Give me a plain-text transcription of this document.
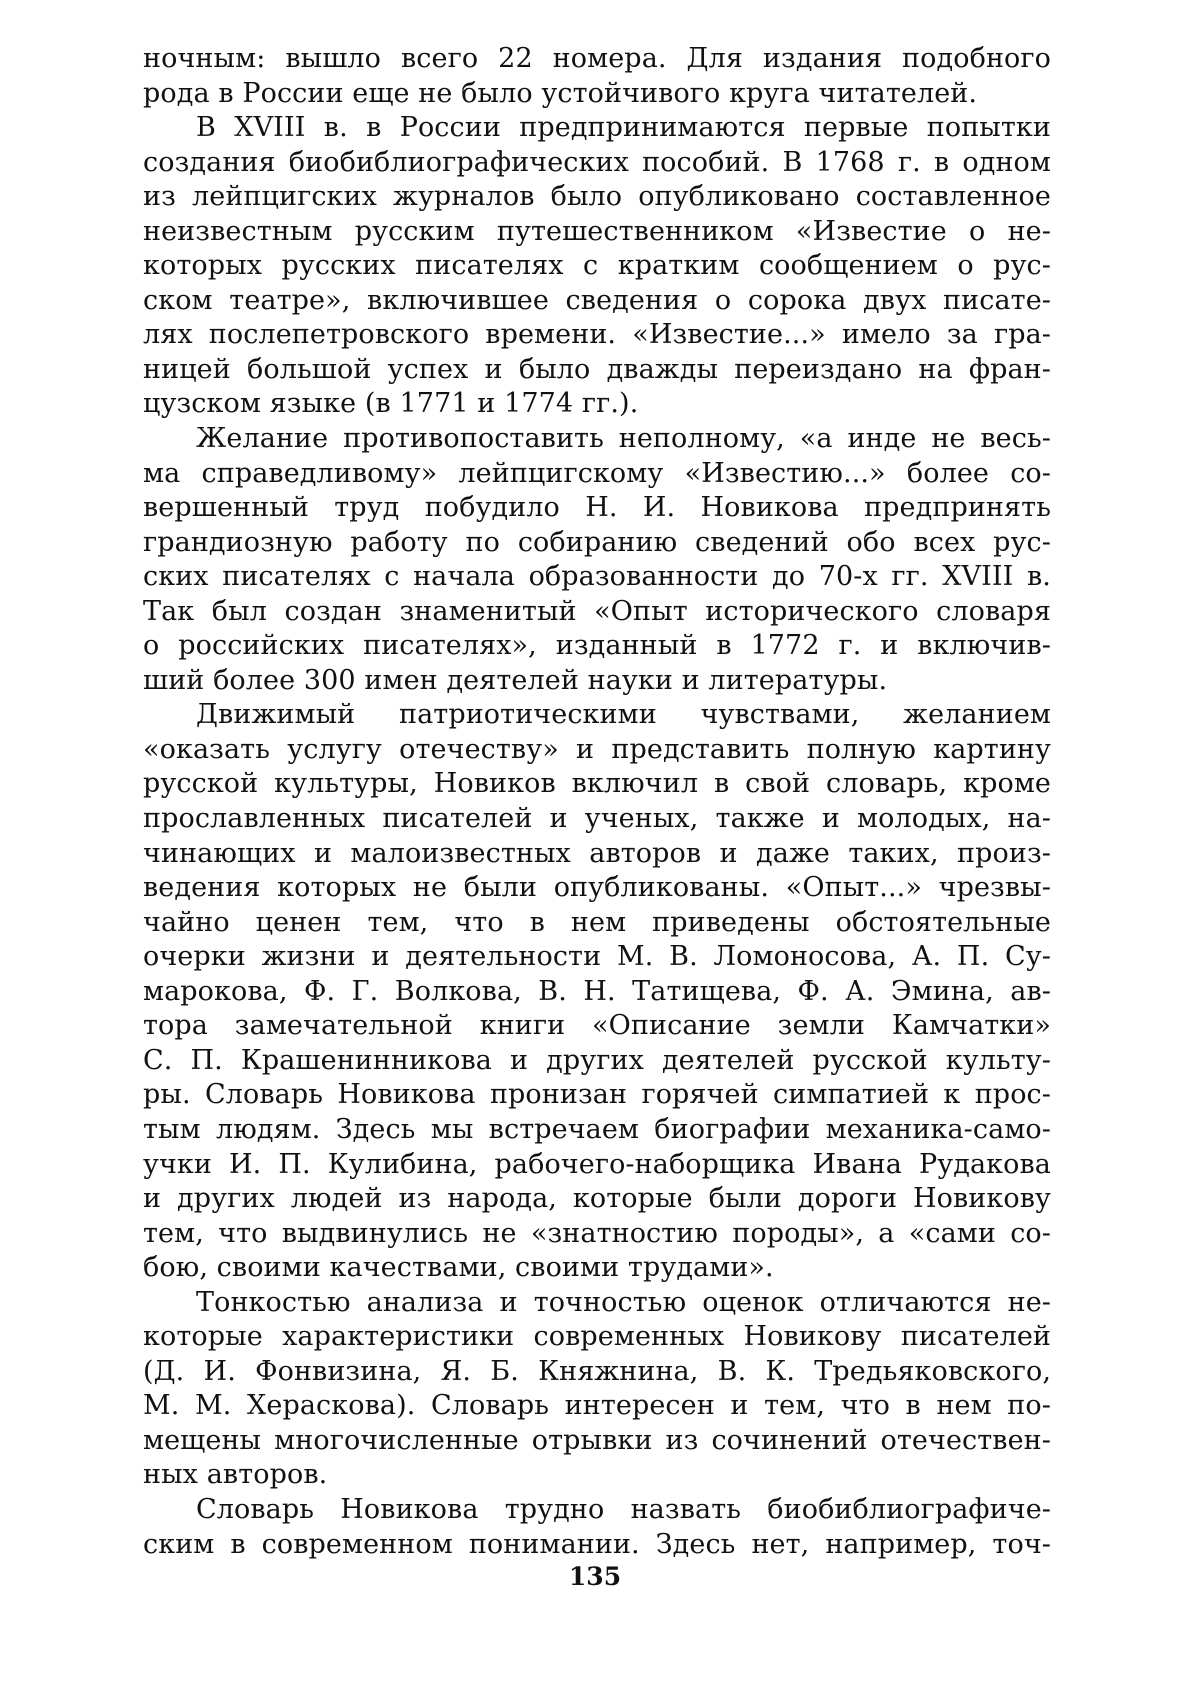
ночным: вышло всего 22 номера. Для издания подобного
рода в России еще не было устойчивого круга читателей.
В XVIII в. в России предпринимаются первые попытки
создания биобиблиографических пособий. В 1768 г. в одном
из лейпцигских журналов было опубликовано составленное
неизвестным русским путешественником «Известие о не-
которых русских писателях с кратким сообщением о рус-
ском театре», включившее сведения о сорока двух писате-
лях послепетровского времени. «Известие...» имело за гра-
ницей большой успех и было дважды переиздано на фран-
цузском языке (в 1771 и 1774 гг.).
Желание противопоставить неполному, «а инде не весь-
ма справедливому» лейпцигскому «Известию...» более со-
вершенный труд побудило Н. И. Новикова предпринять
грандиозную работу по собиранию сведений обо всех рус-
ских писателях с начала образованности до 70-х гг. XVIII в.
Так был создан знаменитый «Опыт исторического словаря
о российских писателях», изданный в 1772 г. и включив-
ший более 300 имен деятелей науки и литературы.
Движимый патриотическими чувствами, желанием
«оказать услугу отечеству» и представить полную картину
русской культуры, Новиков включил в свой словарь, кроме
прославленных писателей и ученых, также и молодых, на-
чинающих и малоизвестных авторов и даже таких, произ-
ведения которых не были опубликованы. «Опыт...» чрезвы-
чайно ценен тем, что в нем приведены обстоятельные
очерки жизни и деятельности М. В. Ломоносова, А. П. Су-
марокова, Ф. Г. Волкова, В. Н. Татищева, Ф. А. Эмина, ав-
тора замечательной книги «Описание земли Камчатки»
С. П. Крашенинникова и других деятелей русской культу-
ры. Словарь Новикова пронизан горячей симпатией к прос-
тым людям. Здесь мы встречаем биографии механика-само-
учки И. П. Кулибина, рабочего-наборщика Ивана Рудакова
и других людей из народа, которые были дороги Новикову
тем, что выдвинулись не «знатностию породы», а «сами со-
бою, своими качествами, своими трудами».
Тонкостью анализа и точностью оценок отличаются не-
которые характеристики современных Новикову писателей
(Д. И. Фонвизина, Я. Б. Княжнина, В. К. Тредьяковского,
М. М. Хераскова). Словарь интересен и тем, что в нем по-
мещены многочисленные отрывки из сочинений отечествен-
ных авторов.
Словарь Новикова трудно назвать биобиблиографиче-
ским в современном понимании. Здесь нет, например, точ-
135
